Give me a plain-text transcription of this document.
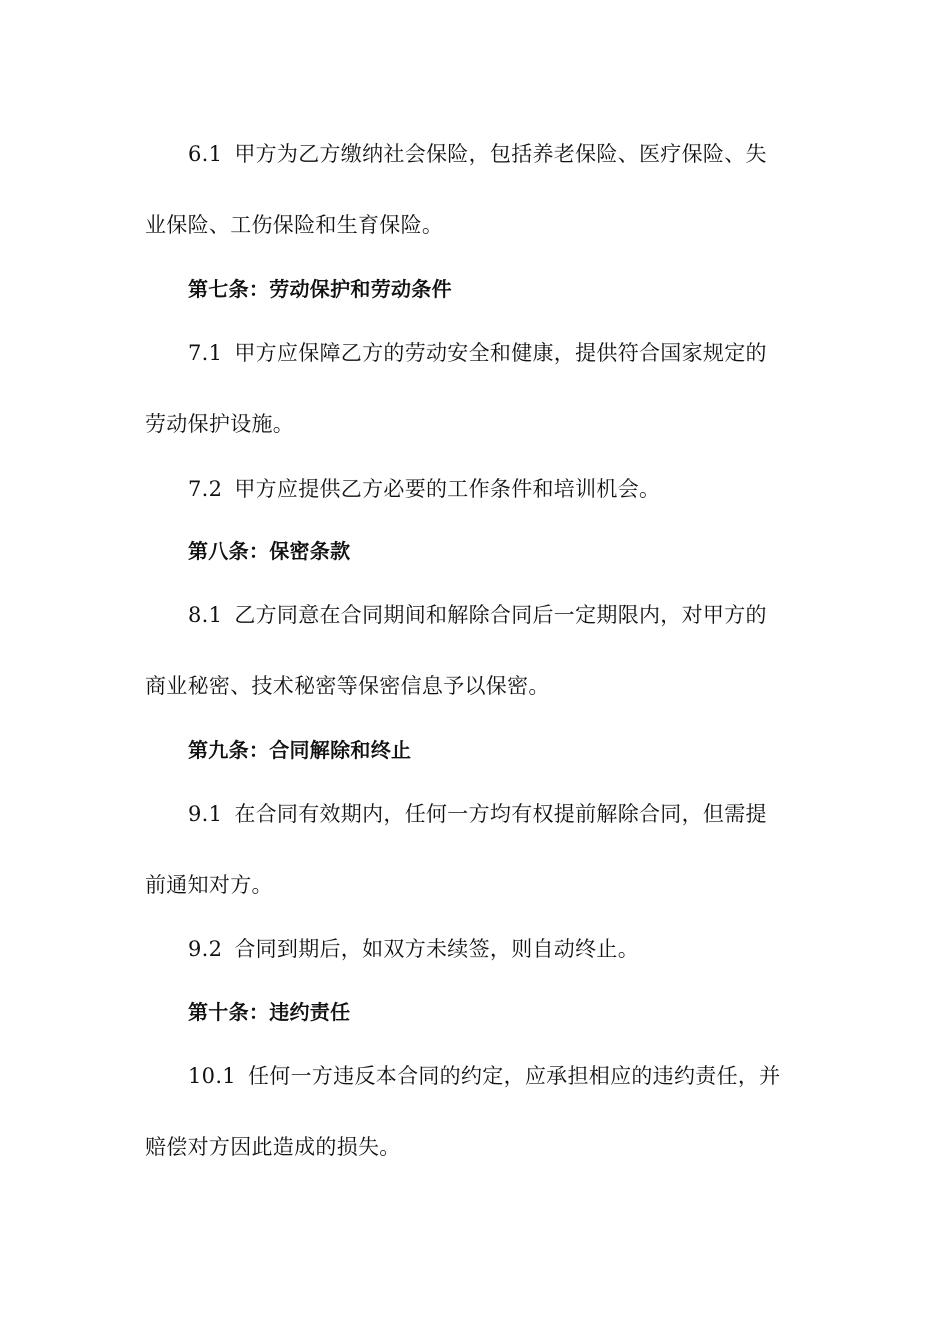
6.1 甲方为乙方缴纳社会保险，包括养老保险、医疗保险、失
业保险、工伤保险和生育保险。
第七条：劳动保护和劳动条件
7.1 甲方应保障乙方的劳动安全和健康，提供符合国家规定的
劳动保护设施。
7.2 甲方应提供乙方必要的工作条件和培训机会。
第八条：保密条款
8.1 乙方同意在合同期间和解除合同后一定期限内，对甲方的
商业秘密、技术秘密等保密信息予以保密。
第九条：合同解除和终止
9.1 在合同有效期内，任何一方均有权提前解除合同，但需提
前通知对方。
9.2 合同到期后，如双方未续签，则自动终止。
第十条：违约责任
10.1 任何一方违反本合同的约定，应承担相应的违约责任，并
赔偿对方因此造成的损失。
